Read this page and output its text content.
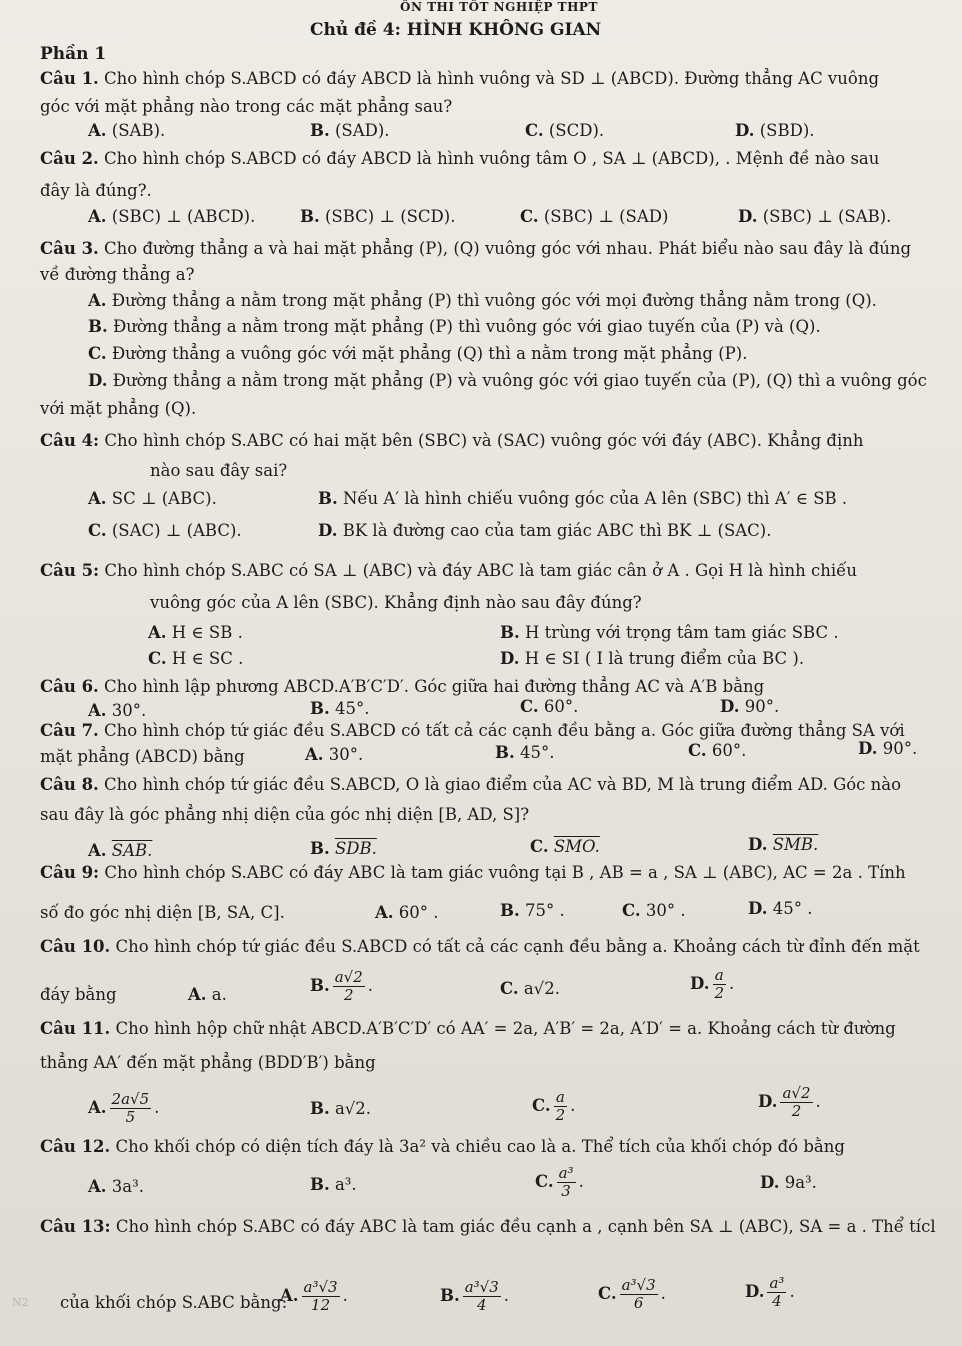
ÔN THI TỐT NGHIỆP THPT
Chủ đề 4: HÌNH KHÔNG GIAN
Phần 1
Câu 1. Cho hình chóp S.ABCD có đáy ABCD là hình vuông và SD ⊥ (ABCD). Đường thẳng AC vuông
góc với mặt phẳng nào trong các mặt phẳng sau?
A. (SAB).	B. (SAD).	C. (SCD).	D. (SBD).
Câu 2. Cho hình chóp S.ABCD có đáy ABCD là hình vuông tâm O , SA ⊥ (ABCD), . Mệnh đề nào sau
đây là đúng?.
A. (SBC) ⊥ (ABCD).	B. (SBC) ⊥ (SCD).	C. (SBC) ⊥ (SAD)	D. (SBC) ⊥ (SAB).
Câu 3. Cho đường thẳng a và hai mặt phẳng (P), (Q) vuông góc với nhau. Phát biểu nào sau đây là đúng
về đường thẳng a?
A. Đường thẳng a nằm trong mặt phẳng (P) thì vuông góc với mọi đường thẳng nằm trong (Q).
B. Đường thẳng a nằm trong mặt phẳng (P) thì vuông góc với giao tuyến của (P) và (Q).
C. Đường thẳng a vuông góc với mặt phẳng (Q) thì a nằm trong mặt phẳng (P).
D. Đường thẳng a nằm trong mặt phẳng (P) và vuông góc với giao tuyến của (P), (Q) thì a vuông góc
với mặt phẳng (Q).
Câu 4: Cho hình chóp S.ABC có hai mặt bên (SBC) và (SAC) vuông góc với đáy (ABC). Khẳng định
nào sau đây sai?
A. SC ⊥ (ABC).	B. Nếu A′ là hình chiếu vuông góc của A lên (SBC) thì A′ ∈ SB .
C. (SAC) ⊥ (ABC).	D. BK là đường cao của tam giác ABC thì BK ⊥ (SAC).
Câu 5: Cho hình chóp S.ABC có SA ⊥ (ABC) và đáy ABC là tam giác cân ở A . Gọi H là hình chiếu
vuông góc của A lên (SBC). Khẳng định nào sau đây đúng?
A. H ∈ SB .	B. H trùng với trọng tâm tam giác SBC .
C. H ∈ SC .	D. H ∈ SI ( I là trung điểm của BC ).
Câu 6. Cho hình lập phương ABCD.A′B′C′D′. Góc giữa hai đường thẳng AC và A′B bằng
A. 30°.	B. 45°.	C. 60°.	D. 90°.
Câu 7. Cho hình chóp tứ giác đều S.ABCD có tất cả các cạnh đều bằng a. Góc giữa đường thẳng SA với
mặt phẳng (ABCD) bằng	A. 30°.	B. 45°.	C. 60°.	D. 90°.
Câu 8. Cho hình chóp tứ giác đều S.ABCD, O là giao điểm của AC và BD, M là trung điểm AD. Góc nào
sau đây là góc phẳng nhị diện của góc nhị diện [B, AD, S]?
A. SAB.	B. SDB.	C. SMO.	D. SMB.
Câu 9: Cho hình chóp S.ABC có đáy ABC là tam giác vuông tại B , AB = a , SA ⊥ (ABC), AC = 2a . Tính
số đo góc nhị diện [B, SA, C].	A. 60° .	B. 75° .	C. 30° .	D. 45° .
Câu 10. Cho hình chóp tứ giác đều S.ABCD có tất cả các cạnh đều bằng a. Khoảng cách từ đỉnh đến mặt
đáy bằng	A. a.	B. $\frac{a√2}{2}$ .	C. a√2.	D. $\frac{a}{2}$ .
Câu 11. Cho hình hộp chữ nhật ABCD.A′B′C′D′ có AA′ = 2a, A′B′ = 2a, A′D′ = a. Khoảng cách từ đường
thẳng AA′ đến mặt phẳng (BDD′B′) bằng
A. $\frac{2a√5}{5}$ .	B. a√2.	C. $\frac{a}{2}$ .	D. $\frac{a√2}{2}$ .
Câu 12. Cho khối chóp có diện tích đáy là 3a² và chiều cao là a. Thể tích của khối chóp đó bằng
A. 3a³.	B. a³.	C. $\frac{\text{a³}}{3}$ .	D. 9a³.
Câu 13: Cho hình chóp S.ABC có đáy ABC là tam giác đều cạnh a , cạnh bên SA ⊥ (ABC), SA = a . Thể tícl
N2 của khối chóp S.ABC bằng:
A. $\frac{\text{a³√3}}{12}$ .	B. $\frac{\text{a³√3}}{4}$ .	C. $\frac{\text{a³√3}}{6}$ .	D. $\frac{\text{a³}}{4}$ .
